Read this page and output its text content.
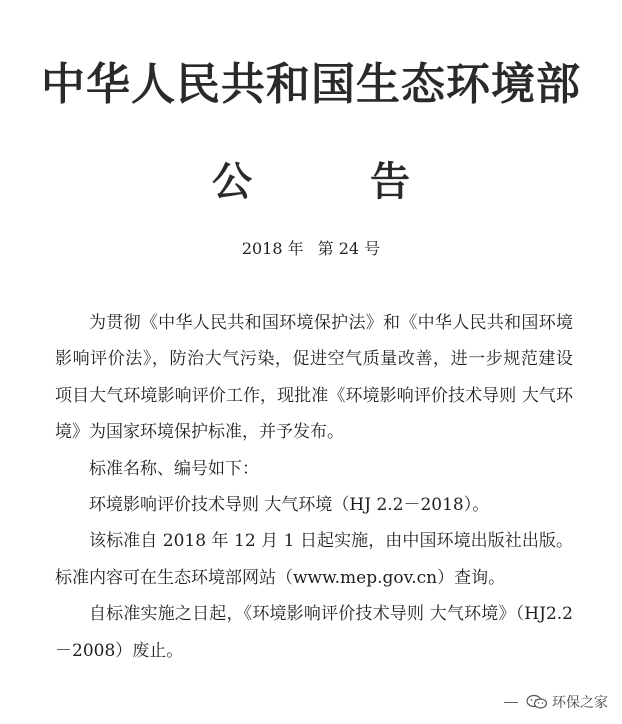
中华人民共和国生态环境部
公	告
2018 年 第 24 号

为贯彻《中华人民共和国环境保护法》和《中华人民共和国环境影响评价法》，防治大气污染，促进空气质量改善，进一步规范建设项目大气环境影响评价工作，现批准《环境影响评价技术导则 大气环境》为国家环境保护标准，并予发布。

标准名称、编号如下：

环境影响评价技术导则 大气环境（HJ 2.2－2018）。

该标准自 2018 年 12 月 1 日起实施，由中国环境出版社出版。标准内容可在生态环境部网站（www.mep.gov.cn）查询。

自标准实施之日起，《环境影响评价技术导则 大气环境》（HJ2.2－2008）废止。

环保之家
